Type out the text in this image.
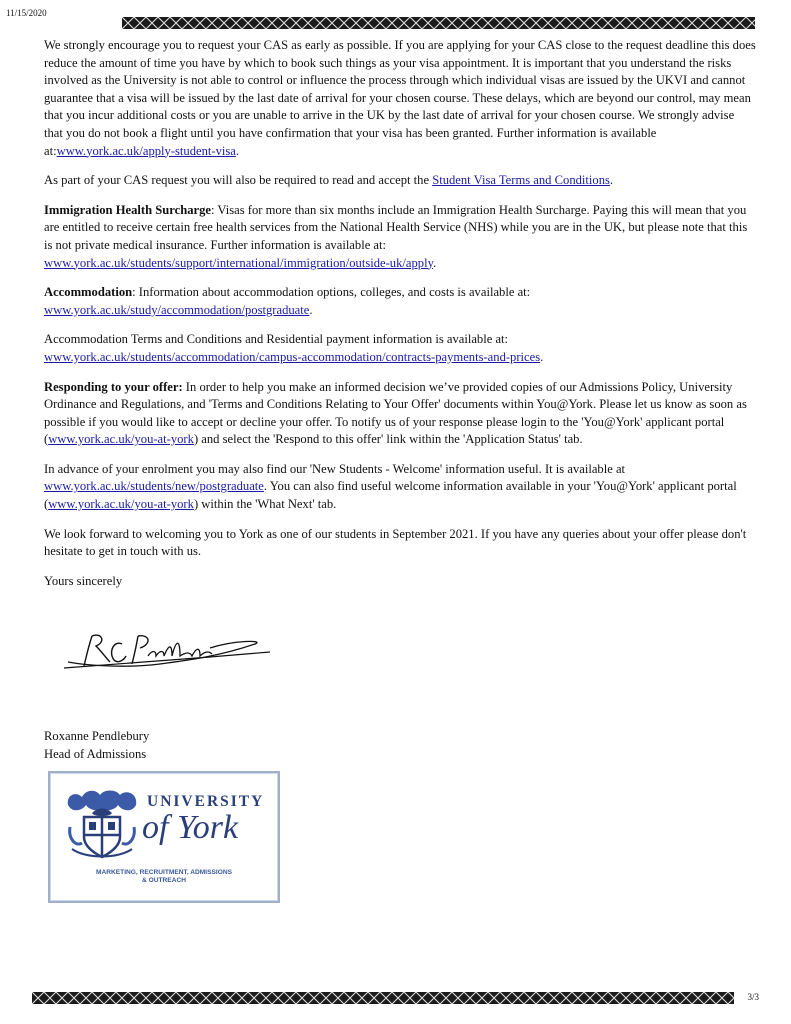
11/15/2020

We strongly encourage you to request your CAS as early as possible. If you are applying for your CAS close to the request deadline this does reduce the amount of time you have by which to book such things as your visa appointment. It is important that you understand the risks involved as the University is not able to control or influence the process through which individual visas are issued by the UKVI and cannot guarantee that a visa will be issued by the last date of arrival for your chosen course. These delays, which are beyond our control, may mean that you incur additional costs or you are unable to arrive in the UK by the last date of arrival for your chosen course. We strongly advise that you do not book a flight until you have confirmation that your visa has been granted. Further information is available at:www.york.ac.uk/apply-student-visa.

As part of your CAS request you will also be required to read and accept the Student Visa Terms and Conditions.

Immigration Health Surcharge: Visas for more than six months include an Immigration Health Surcharge. Paying this will mean that you are entitled to receive certain free health services from the National Health Service (NHS) while you are in the UK, but please note that this is not private medical insurance. Further information is available at:
www.york.ac.uk/students/support/international/immigration/outside-uk/apply.

Accommodation: Information about accommodation options, colleges, and costs is available at:
www.york.ac.uk/study/accommodation/postgraduate.

Accommodation Terms and Conditions and Residential payment information is available at:
www.york.ac.uk/students/accommodation/campus-accommodation/contracts-payments-and-prices.

Responding to your offer: In order to help you make an informed decision we’ve provided copies of our Admissions Policy, University Ordinance and Regulations, and 'Terms and Conditions Relating to Your Offer' documents within You@York. Please let us know as soon as possible if you would like to accept or decline your offer. To notify us of your response please login to the 'You@York' applicant portal (www.york.ac.uk/you-at-york) and select the 'Respond to this offer' link within the 'Application Status' tab.

In advance of your enrolment you may also find our 'New Students - Welcome' information useful. It is available at
www.york.ac.uk/students/new/postgraduate. You can also find useful welcome information available in your 'You@York' applicant portal (www.york.ac.uk/you-at-york) within the 'What Next' tab.

We look forward to welcoming you to York as one of our students in September 2021. If you have any queries about your offer please don't hesitate to get in touch with us.

Yours sincerely

Roxanne Pendlebury
Head of Admissions
UNIVERSITY
of York
MARKETING, RECRUITMENT, ADMISSIONS
& OUTREACH
3/3
